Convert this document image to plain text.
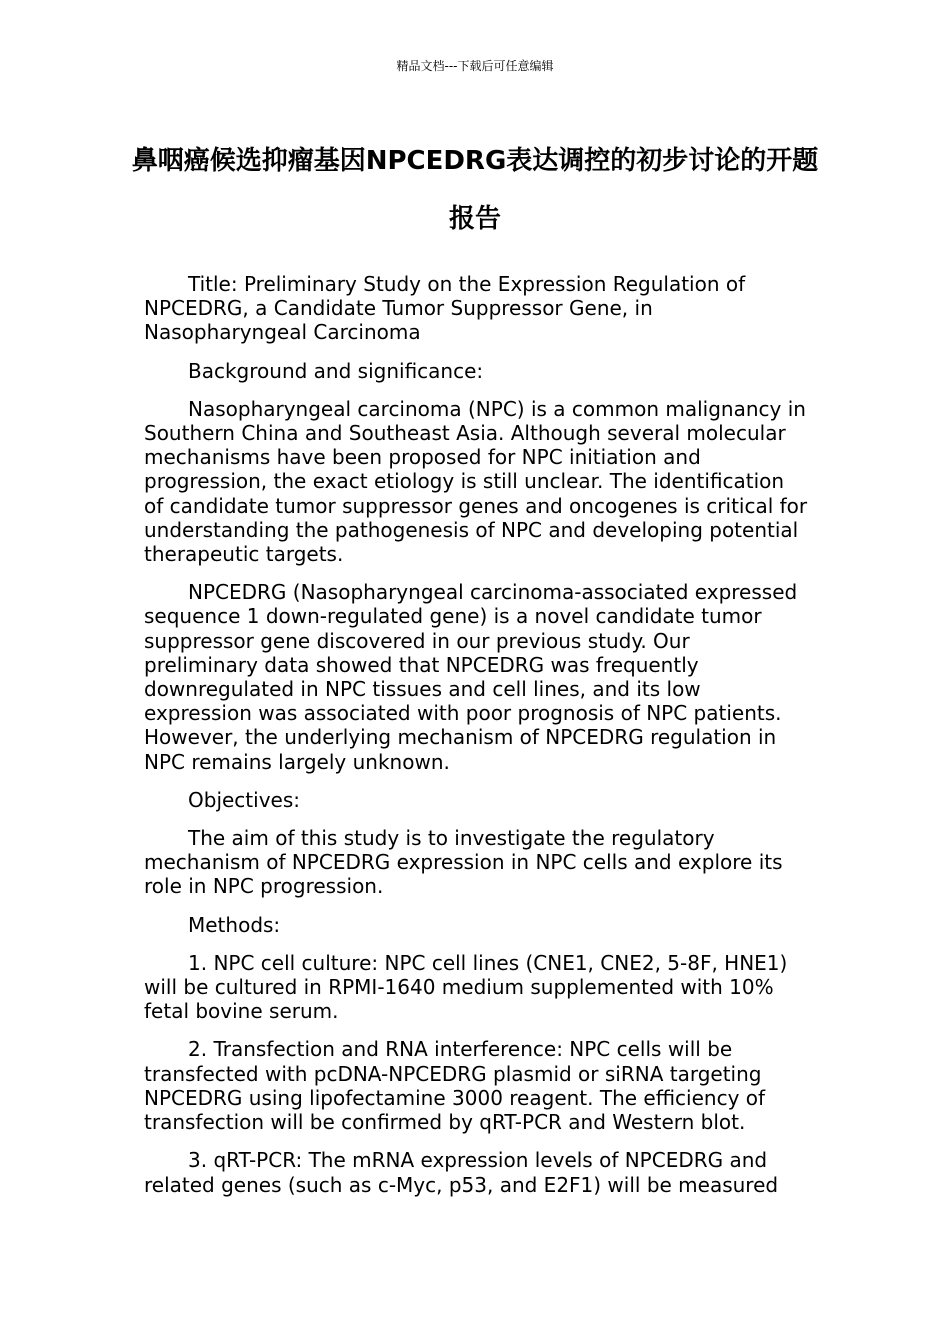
精品文档---下载后可任意编辑
鼻咽癌候选抑瘤基因NPCEDRG表达调控的初步讨论的开题报告

Title: Preliminary Study on the Expression Regulation of NPCEDRG, a Candidate Tumor Suppressor Gene, in Nasopharyngeal Carcinoma

Background and significance:

Nasopharyngeal carcinoma (NPC) is a common malignancy in Southern China and Southeast Asia. Although several molecular mechanisms have been proposed for NPC initiation and progression, the exact etiology is still unclear. The identification of candidate tumor suppressor genes and oncogenes is critical for understanding the pathogenesis of NPC and developing potential therapeutic targets.

NPCEDRG (Nasopharyngeal carcinoma-associated expressed sequence 1 down-regulated gene) is a novel candidate tumor suppressor gene discovered in our previous study. Our preliminary data showed that NPCEDRG was frequently downregulated in NPC tissues and cell lines, and its low expression was associated with poor prognosis of NPC patients. However, the underlying mechanism of NPCEDRG regulation in NPC remains largely unknown.

Objectives:

The aim of this study is to investigate the regulatory mechanism of NPCEDRG expression in NPC cells and explore its role in NPC progression.

Methods:

1. NPC cell culture: NPC cell lines (CNE1, CNE2, 5-8F, HNE1) will be cultured in RPMI-1640 medium supplemented with 10% fetal bovine serum.

2. Transfection and RNA interference: NPC cells will be transfected with pcDNA-NPCEDRG plasmid or siRNA targeting NPCEDRG using lipofectamine 3000 reagent. The efficiency of transfection will be confirmed by qRT-PCR and Western blot.

3. qRT-PCR: The mRNA expression levels of NPCEDRG and related genes (such as c-Myc, p53, and E2F1) will be measured
